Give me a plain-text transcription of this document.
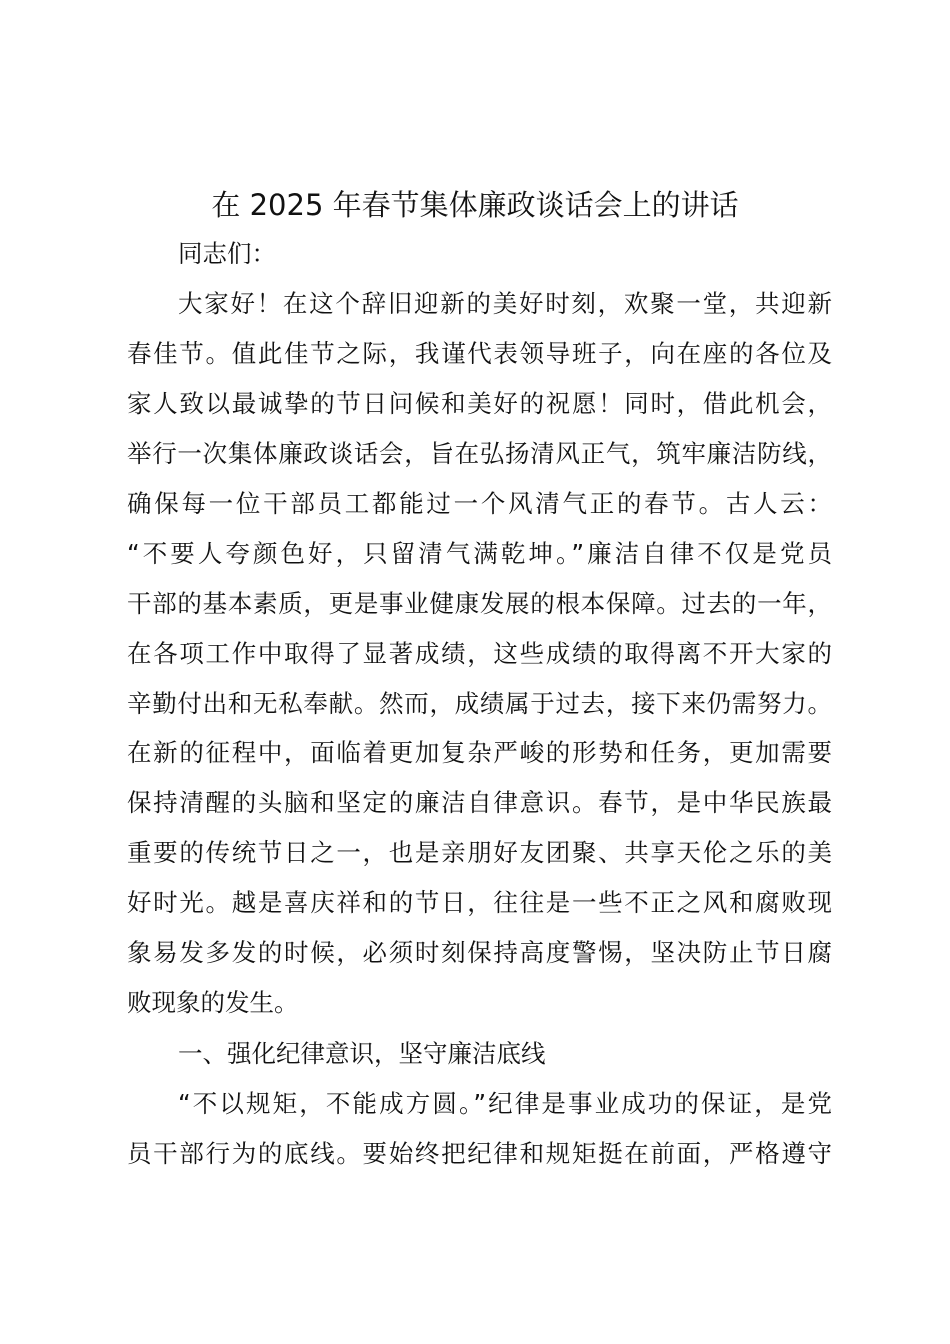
在 2025 年春节集体廉政谈话会上的讲话
同志们：
大家好！在这个辞旧迎新的美好时刻，欢聚一堂，共迎新
春佳节。值此佳节之际，我谨代表领导班子，向在座的各位及
家人致以最诚挚的节日问候和美好的祝愿！同时，借此机会，
举行一次集体廉政谈话会，旨在弘扬清风正气，筑牢廉洁防线，
确保每一位干部员工都能过一个风清气正的春节。古人云：
“不要人夸颜色好，只留清气满乾坤。”廉洁自律不仅是党员
干部的基本素质，更是事业健康发展的根本保障。过去的一年，
在各项工作中取得了显著成绩，这些成绩的取得离不开大家的
辛勤付出和无私奉献。然而，成绩属于过去，接下来仍需努力。
在新的征程中，面临着更加复杂严峻的形势和任务，更加需要
保持清醒的头脑和坚定的廉洁自律意识。春节，是中华民族最
重要的传统节日之一，也是亲朋好友团聚、共享天伦之乐的美
好时光。越是喜庆祥和的节日，往往是一些不正之风和腐败现
象易发多发的时候，必须时刻保持高度警惕，坚决防止节日腐
败现象的发生。
一、强化纪律意识，坚守廉洁底线
“不以规矩，不能成方圆。”纪律是事业成功的保证，是党
员干部行为的底线。要始终把纪律和规矩挺在前面，严格遵守
